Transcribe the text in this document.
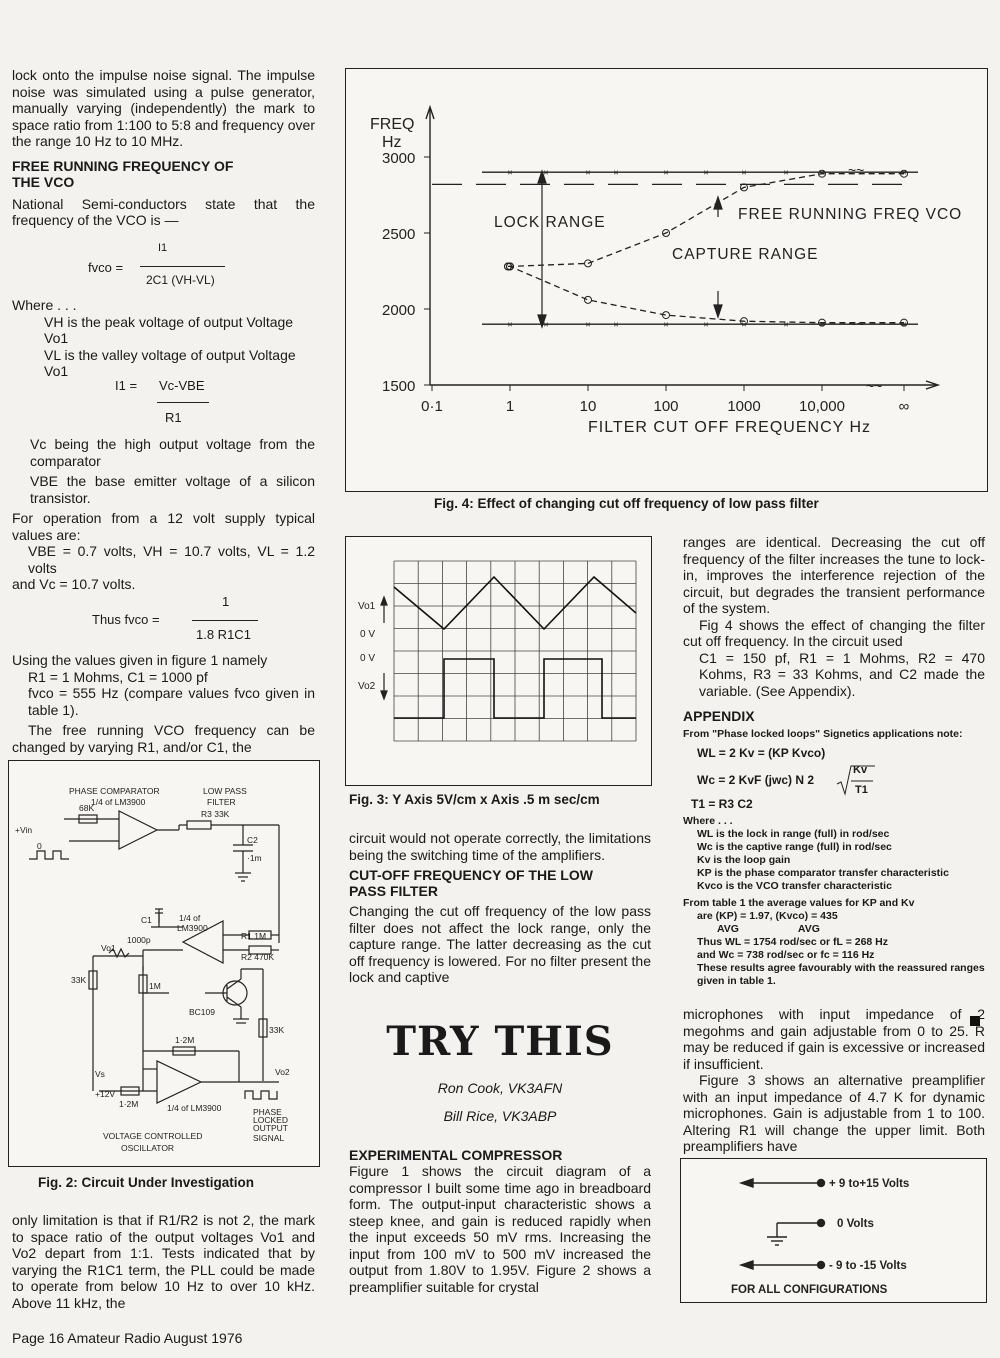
lock onto the impulse noise signal. The impulse noise was simulated using a pulse generator, manually varying (independently) the mark to space ratio from 1:100 to 5:8 and frequency over the range 10 Hz to 10 MHz.

FREE RUNNING FREQUENCY OF THE VCO

National Semi-conductors state that the frequency of the VCO is —

fvco =
I1
2C1 (VH-VL)

Where . . .

VH is the peak voltage of output Voltage Vo1

VL is the valley voltage of output Voltage Vo1

I1 = Vc-VBE
R1

Vc being the high output voltage from the comparator

VBE the base emitter voltage of a silicon transistor.

For operation from a 12 volt supply typical values are:

VBE = 0.7 volts, VH = 10.7 volts, VL = 1.2 volts

and Vc = 10.7 volts.

Thus fvco =
1
1.8 R1C1

Using the values given in figure 1 namely

R1 = 1 Mohms, C1 = 1000 pf

fvco = 555 Hz (compare values fvco given in table 1).

The free running VCO frequency can be changed by varying R1, and/or C1, the

PHASE COMPARATOR
1/4 of LM3900
LOW PASS
FILTER
68K
+Vin
0
R3 33K
C2
·1m
C1
1000p
1/4 of
LM3900
R1 1M
R2 470K
Vo1
33K
1M
BC109
33K
1·2M
Vs
+12V
1·2M	1/4 of LM3900
Vo2
PHASE
LOCKED
OUTPUT
SIGNAL
VOLTAGE CONTROLLED
OSCILLATOR
Fig. 2: Circuit Under Investigation

only limitation is that if R1/R2 is not 2, the mark to space ratio of the output voltages Vo1 and Vo2 depart from 1:1. Tests indicated that by varying the R1C1 term, the PLL could be made to operate from below 10 Hz to over 10 kHz. Above 11 kHz, the

1500
2000
2500
3000
0·1	1	10	100	1000	10,000	∞
×	×	×	×	×	×
×	×	×	×
×	×	×	×	×	×
×	×	×	×
FREQ
Hz
FILTER CUT OFF FREQUENCY Hz
LOCK RANGE
CAPTURE RANGE
FREE RUNNING FREQ VCO
~~
~~
~~
Fig. 4: Effect of changing cut off frequency of low pass filter
Vo1
0 V
0 V
Vo2
Fig. 3: Y Axis 5V/cm x Axis .5 m sec/cm

circuit would not operate correctly, the limitations being the switching time of the amplifiers.

CUT-OFF FREQUENCY OF THE LOW PASS FILTER

Changing the cut off frequency of the low pass filter does not affect the lock range, only the capture range. The latter decreasing as the cut off frequency is lowered. For no filter present the lock and captive

TRY THIS
Ron Cook, VK3AFN
Bill Rice, VK3ABP

EXPERIMENTAL COMPRESSOR

Figure 1 shows the circuit diagram of a compressor I built some time ago in breadboard form. The output-input characteristic shows a steep knee, and gain is reduced rapidly when the input exceeds 50 mV rms. Increasing the input from 100 mV to 500 mV increased the output from 1.80V to 1.95V. Figure 2 shows a preamplifier suitable for crystal

ranges are identical. Decreasing the cut off frequency of the filter increases the tune to lock-in, improves the interference rejection of the circuit, but degrades the transient performance of the system.

Fig 4 shows the effect of changing the filter cut off frequency. In the circuit used

C1 = 150 pf, R1 = 1 Mohms, R2 = 470 Kohms, R3 = 33 Kohms, and C2 made the variable. (See Appendix).

APPENDIX
From "Phase locked loops" Signetics applications note:
WL = 2 Kv = (KP Kvco)
Wc = 2 KvF (jwc) N 2
Kv
T1
T1 = R3 C2
Where . . .
WL is the lock in range (full) in rod/sec
Wc is the captive range (full) in rod/sec
Kv is the loop gain
KP is the phase comparator transfer characteristic
Kvco is the VCO transfer characteristic
From table 1 the average values for KP and Kv
are (KP) = 1.97, (Kvco) = 435
AVG	AVG
Thus WL = 1754 rod/sec or fL = 268 Hz
and Wc = 738 rod/sec or fc = 116 Hz
These results agree favourably with the reassured ranges given in table 1.

microphones with input impedance of 2 megohms and gain adjustable from 0 to 25. R may be reduced if gain is excessive or increased if insufficient.

Figure 3 shows an alternative preamplifier with an input impedance of 4.7 K for dynamic microphones. Gain is adjustable from 1 to 100. Altering R1 will change the upper limit. Both preamplifiers have

+ 9 to+15 Volts
0 Volts
- 9 to -15 Volts
FOR ALL CONFIGURATIONS
Page 16 Amateur Radio August 1976
